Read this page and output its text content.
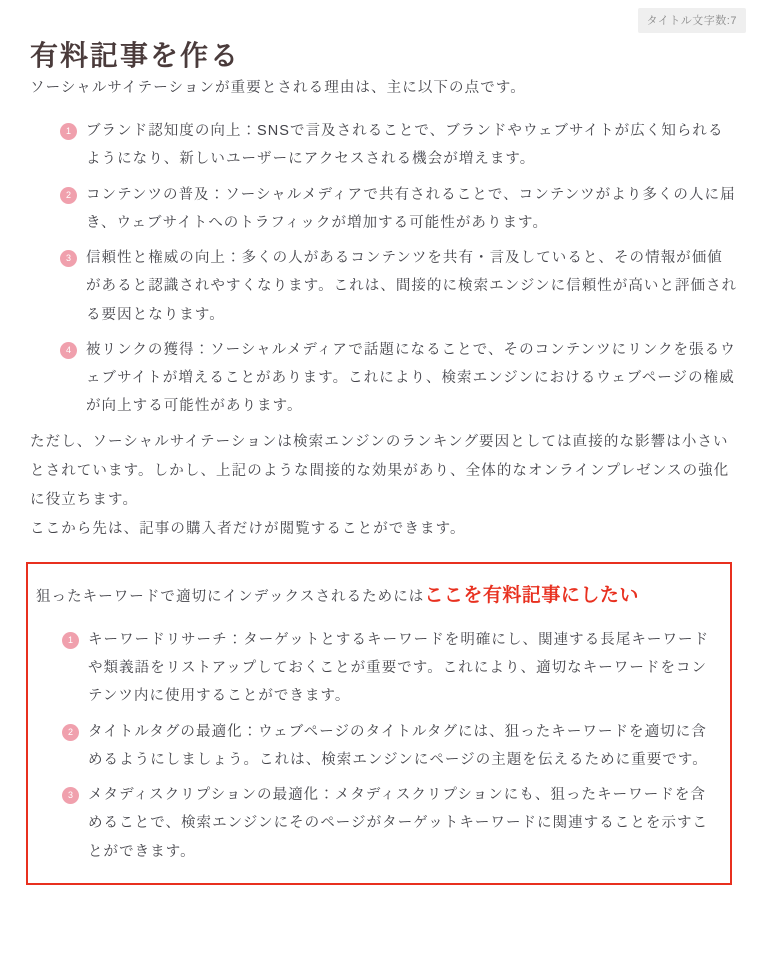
タイトル文字数:7
有料記事を作る

ソーシャルサイテーションが重要とされる理由は、主に以下の点です。

1	ブランド認知度の向上：SNSで言及されることで、ブランドやウェブサイトが広く知られるようになり、新しいユーザーにアクセスされる機会が増えます。
2	コンテンツの普及：ソーシャルメディアで共有されることで、コンテンツがより多くの人に届き、ウェブサイトへのトラフィックが増加する可能性があります。
3	信頼性と権威の向上：多くの人があるコンテンツを共有・言及していると、その情報が価値があると認識されやすくなります。これは、間接的に検索エンジンに信頼性が高いと評価される要因となります。
4	被リンクの獲得：ソーシャルメディアで話題になることで、そのコンテンツにリンクを張るウェブサイトが増えることがあります。これにより、検索エンジンにおけるウェブページの権威が向上する可能性があります。

ただし、ソーシャルサイテーションは検索エンジンのランキング要因としては直接的な影響は小さいとされています。しかし、上記のような間接的な効果があり、全体的なオンラインプレゼンスの強化に役立ちます。

ここから先は、記事の購入者だけが閲覧することができます。

狙ったキーワードで適切にインデックスされるためにはここを有料記事にしたい

1	キーワードリサーチ：ターゲットとするキーワードを明確にし、関連する長尾キーワードや類義語をリストアップしておくことが重要です。これにより、適切なキーワードをコンテンツ内に使用することができます。
2	タイトルタグの最適化：ウェブページのタイトルタグには、狙ったキーワードを適切に含めるようにしましょう。これは、検索エンジンにページの主題を伝えるために重要です。
3	メタディスクリプションの最適化：メタディスクリプションにも、狙ったキーワードを含めることで、検索エンジンにそのページがターゲットキーワードに関連することを示すことができます。
